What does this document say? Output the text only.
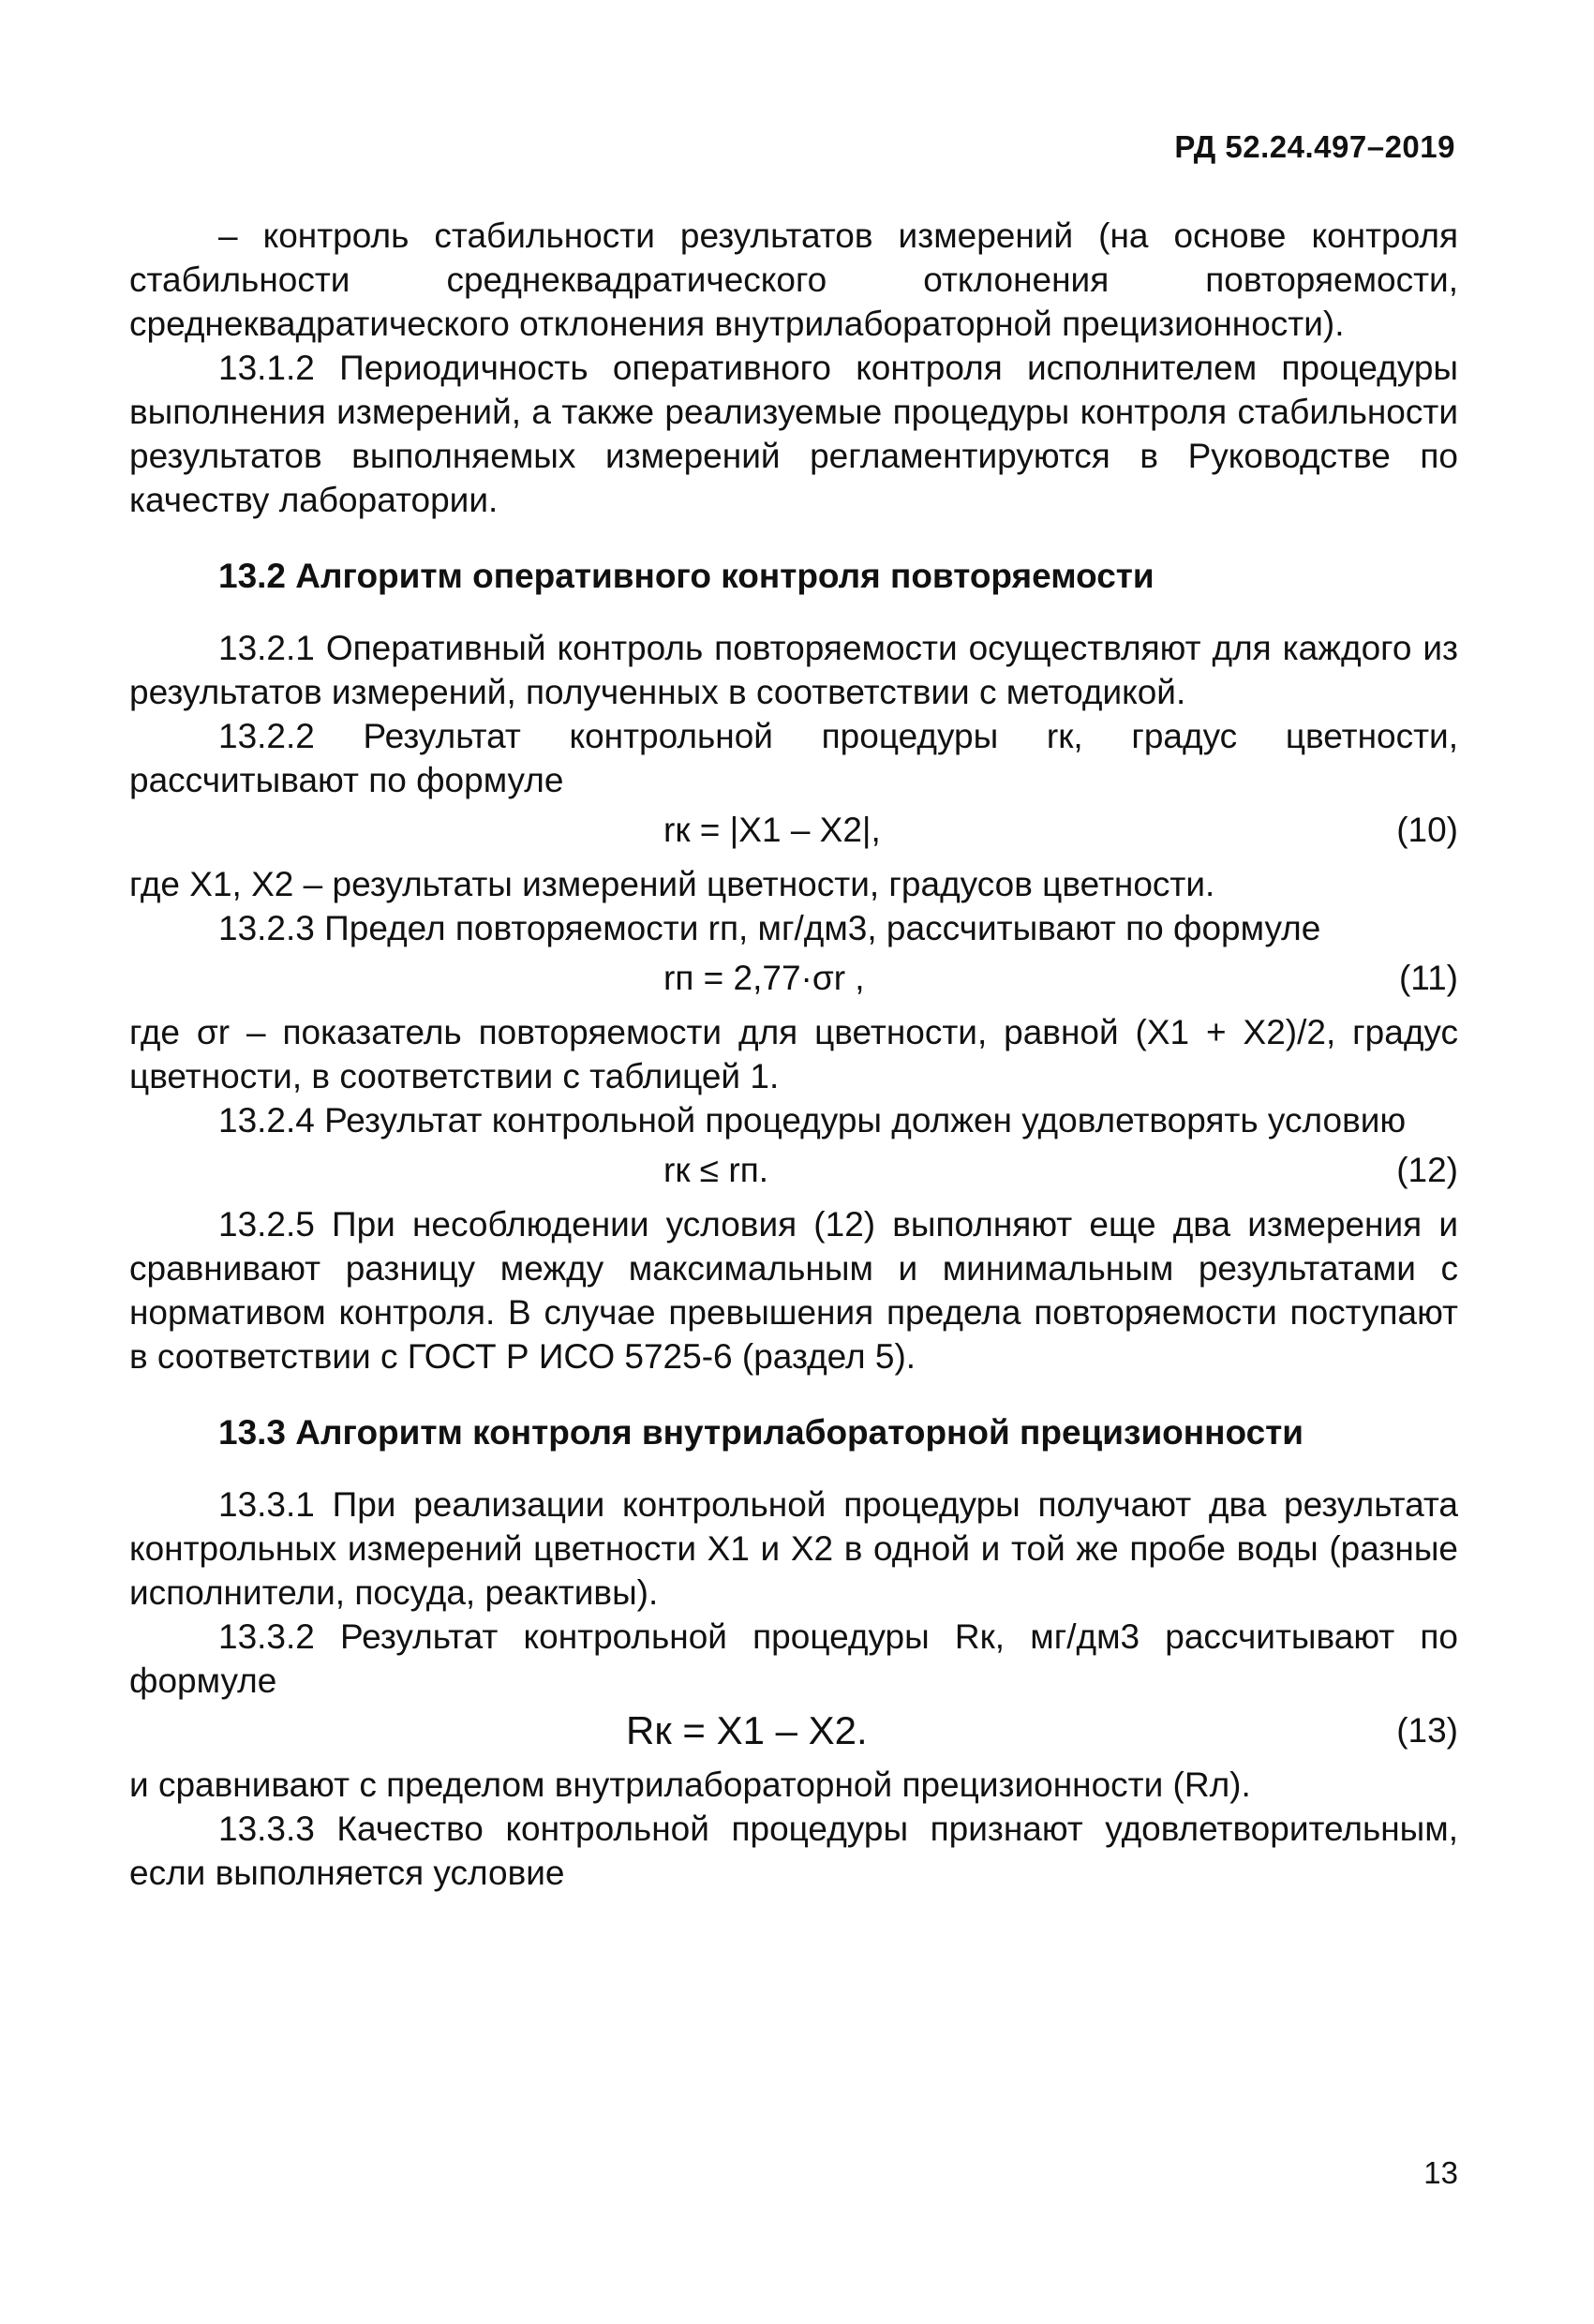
РД 52.24.497–2019

– контроль стабильности результатов измерений (на основе контроля стабильности среднеквадратического отклонения повторяемости, среднеквадратического отклонения внутрилабораторной прецизионности).

13.1.2 Периодичность оперативного контроля исполнителем процедуры выполнения измерений, а также реализуемые процедуры контроля стабильности результатов выполняемых измерений регламентируются в Руководстве по качеству лаборатории.

13.2 Алгоритм оперативного контроля повторяемости

13.2.1 Оперативный контроль повторяемости осуществляют для каждого из результатов измерений, полученных в соответствии с методикой.

13.2.2 Результат контрольной процедуры rк, градус цветности, рассчитывают по формуле

rк = |X1 – X2|,	(10)

где X1, X2 – результаты измерений цветности, градусов цветности.

13.2.3 Предел повторяемости rп, мг/дм3, рассчитывают по формуле

rп = 2,77·σr ,	(11)

где σr – показатель повторяемости для цветности, равной (X1 + X2)/2, градус цветности, в соответствии с таблицей 1.

13.2.4 Результат контрольной процедуры должен удовлетворять условию

rк ≤ rп.	(12)

13.2.5 При несоблюдении условия (12) выполняют еще два измерения и сравнивают разницу между максимальным и минимальным результатами с нормативом контроля. В случае превышения предела повторяемости поступают в соответствии с ГОСТ Р ИСО 5725-6 (раздел 5).

13.3 Алгоритм контроля внутрилабораторной прецизионности

13.3.1 При реализации контрольной процедуры получают два результата контрольных измерений цветности X1 и X2 в одной и той же пробе воды (разные исполнители, посуда, реактивы).

13.3.2 Результат контрольной процедуры Rк, мг/дм3 рассчитывают по формуле

Rк = X1 – X2.	(13)

и сравнивают с пределом внутрилабораторной прецизионности (Rл).

13.3.3 Качество контрольной процедуры признают удовлетворительным, если выполняется условие

13
